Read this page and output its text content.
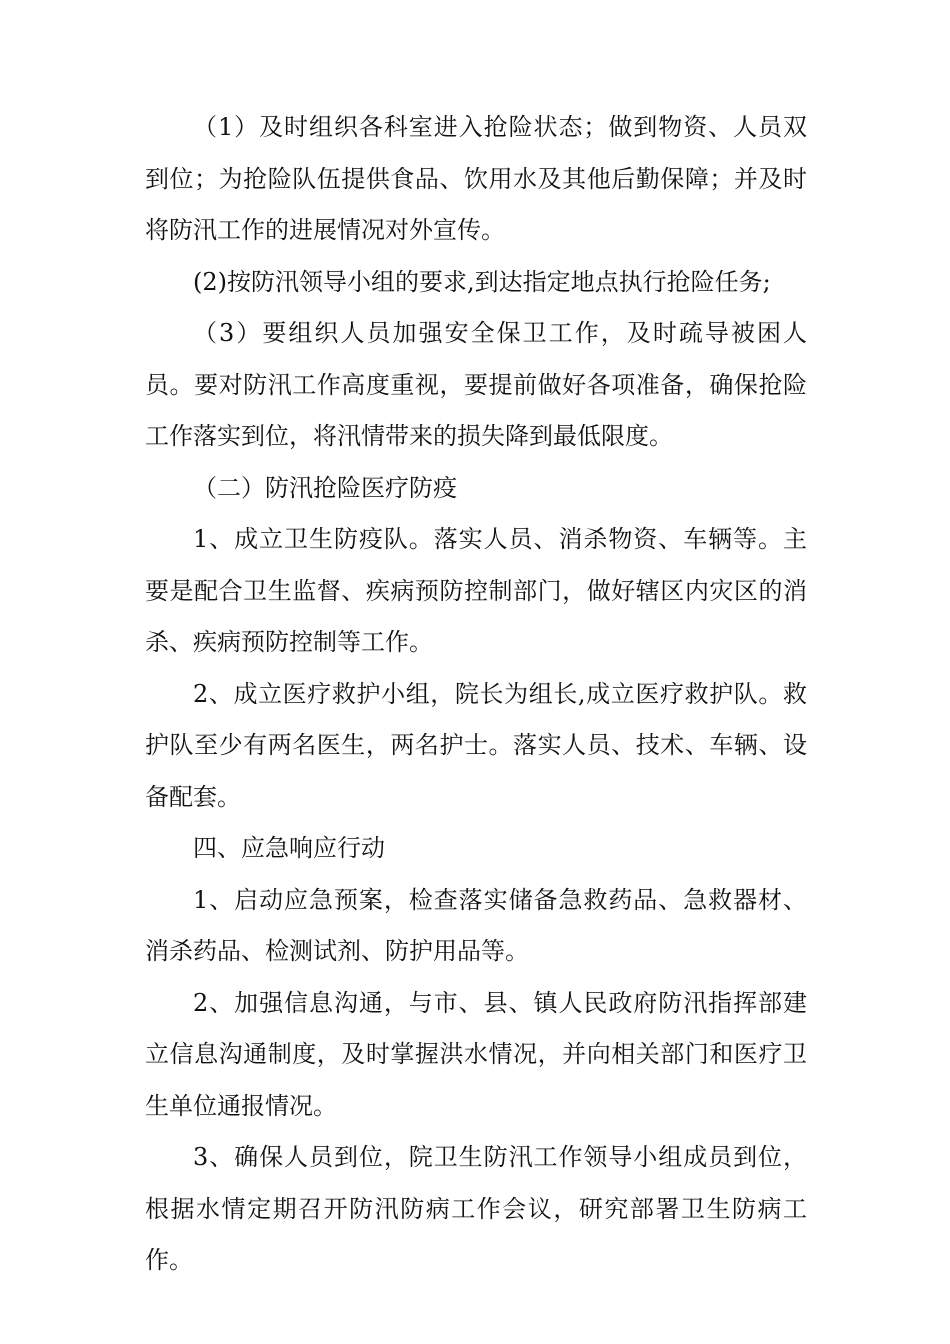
（1）及时组织各科室进入抢险状态；做到物资、人员双到位；为抢险队伍提供食品、饮用水及其他后勤保障；并及时将防汛工作的进展情况对外宣传。

(2)按防汛领导小组的要求,到达指定地点执行抢险任务;

（3）要组织人员加强安全保卫工作，及时疏导被困人员。要对防汛工作高度重视，要提前做好各项准备，确保抢险工作落实到位，将汛情带来的损失降到最低限度。

（二）防汛抢险医疗防疫

1、成立卫生防疫队。落实人员、消杀物资、车辆等。主要是配合卫生监督、疾病预防控制部门，做好辖区内灾区的消杀、疾病预防控制等工作。

2、成立医疗救护小组，院长为组长,成立医疗救护队。救护队至少有两名医生，两名护士。落实人员、技术、车辆、设备配套。

四、应急响应行动

1、启动应急预案，检查落实储备急救药品、急救器材、消杀药品、检测试剂、防护用品等。

2、加强信息沟通，与市、县、镇人民政府防汛指挥部建立信息沟通制度，及时掌握洪水情况，并向相关部门和医疗卫生单位通报情况。

3、确保人员到位，院卫生防汛工作领导小组成员到位，根据水情定期召开防汛防病工作会议，研究部署卫生防病工作。
